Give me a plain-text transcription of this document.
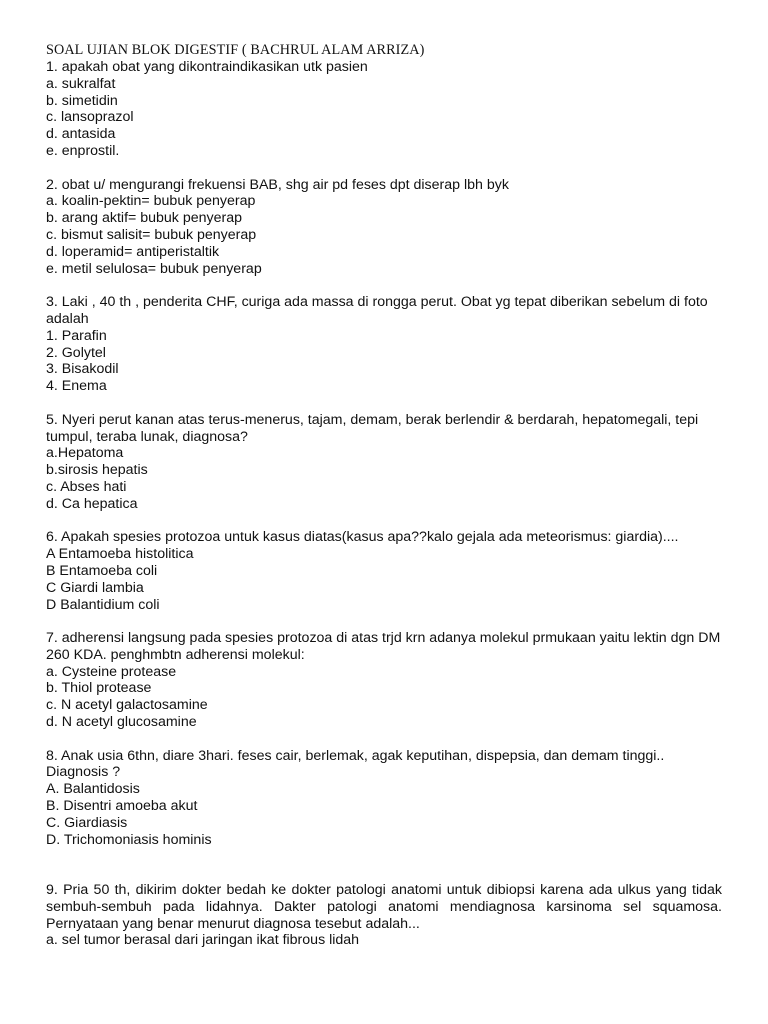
SOAL UJIAN BLOK DIGESTIF ( BACHRUL ALAM ARRIZA)

1. apakah obat yang dikontraindikasikan utk pasien

a. sukralfat

b. simetidin

c. lansoprazol

d. antasida

e. enprostil.

2. obat u/ mengurangi frekuensi BAB, shg air pd feses dpt diserap lbh byk

a. koalin-pektin= bubuk penyerap

b. arang aktif= bubuk penyerap

c. bismut salisit= bubuk penyerap

d. loperamid= antiperistaltik

e. metil selulosa= bubuk penyerap

3. Laki , 40 th , penderita CHF, curiga ada massa di rongga perut. Obat yg tepat diberikan sebelum di foto adalah

1. Parafin

2. Golytel

3. Bisakodil

4. Enema

5. Nyeri perut kanan atas terus-menerus, tajam, demam, berak berlendir & berdarah, hepatomegali, tepi tumpul, teraba lunak, diagnosa?

a.Hepatoma

b.sirosis hepatis

c. Abses hati

d. Ca hepatica

6. Apakah spesies protozoa untuk kasus diatas(kasus apa??kalo gejala ada meteorismus: giardia)....

A Entamoeba histolitica

B Entamoeba coli

C Giardi lambia

D Balantidium coli

7. adherensi langsung pada spesies protozoa di atas trjd krn adanya molekul prmukaan yaitu lektin dgn DM 260 KDA. penghmbtn adherensi molekul:

a. Cysteine protease

b. Thiol protease

c. N acetyl galactosamine

d. N acetyl glucosamine

8. Anak usia 6thn, diare 3hari. feses cair, berlemak, agak keputihan, dispepsia, dan demam tinggi.. Diagnosis ?

A. Balantidosis

B. Disentri amoeba akut

C. Giardiasis

D. Trichomoniasis hominis

9. Pria 50 th, dikirim dokter bedah ke dokter patologi anatomi untuk dibiopsi karena ada ulkus yang tidak sembuh-sembuh pada lidahnya. Dakter patologi anatomi mendiagnosa karsinoma sel squamosa. Pernyataan yang benar menurut diagnosa tesebut adalah...

a. sel tumor berasal dari jaringan ikat fibrous lidah
